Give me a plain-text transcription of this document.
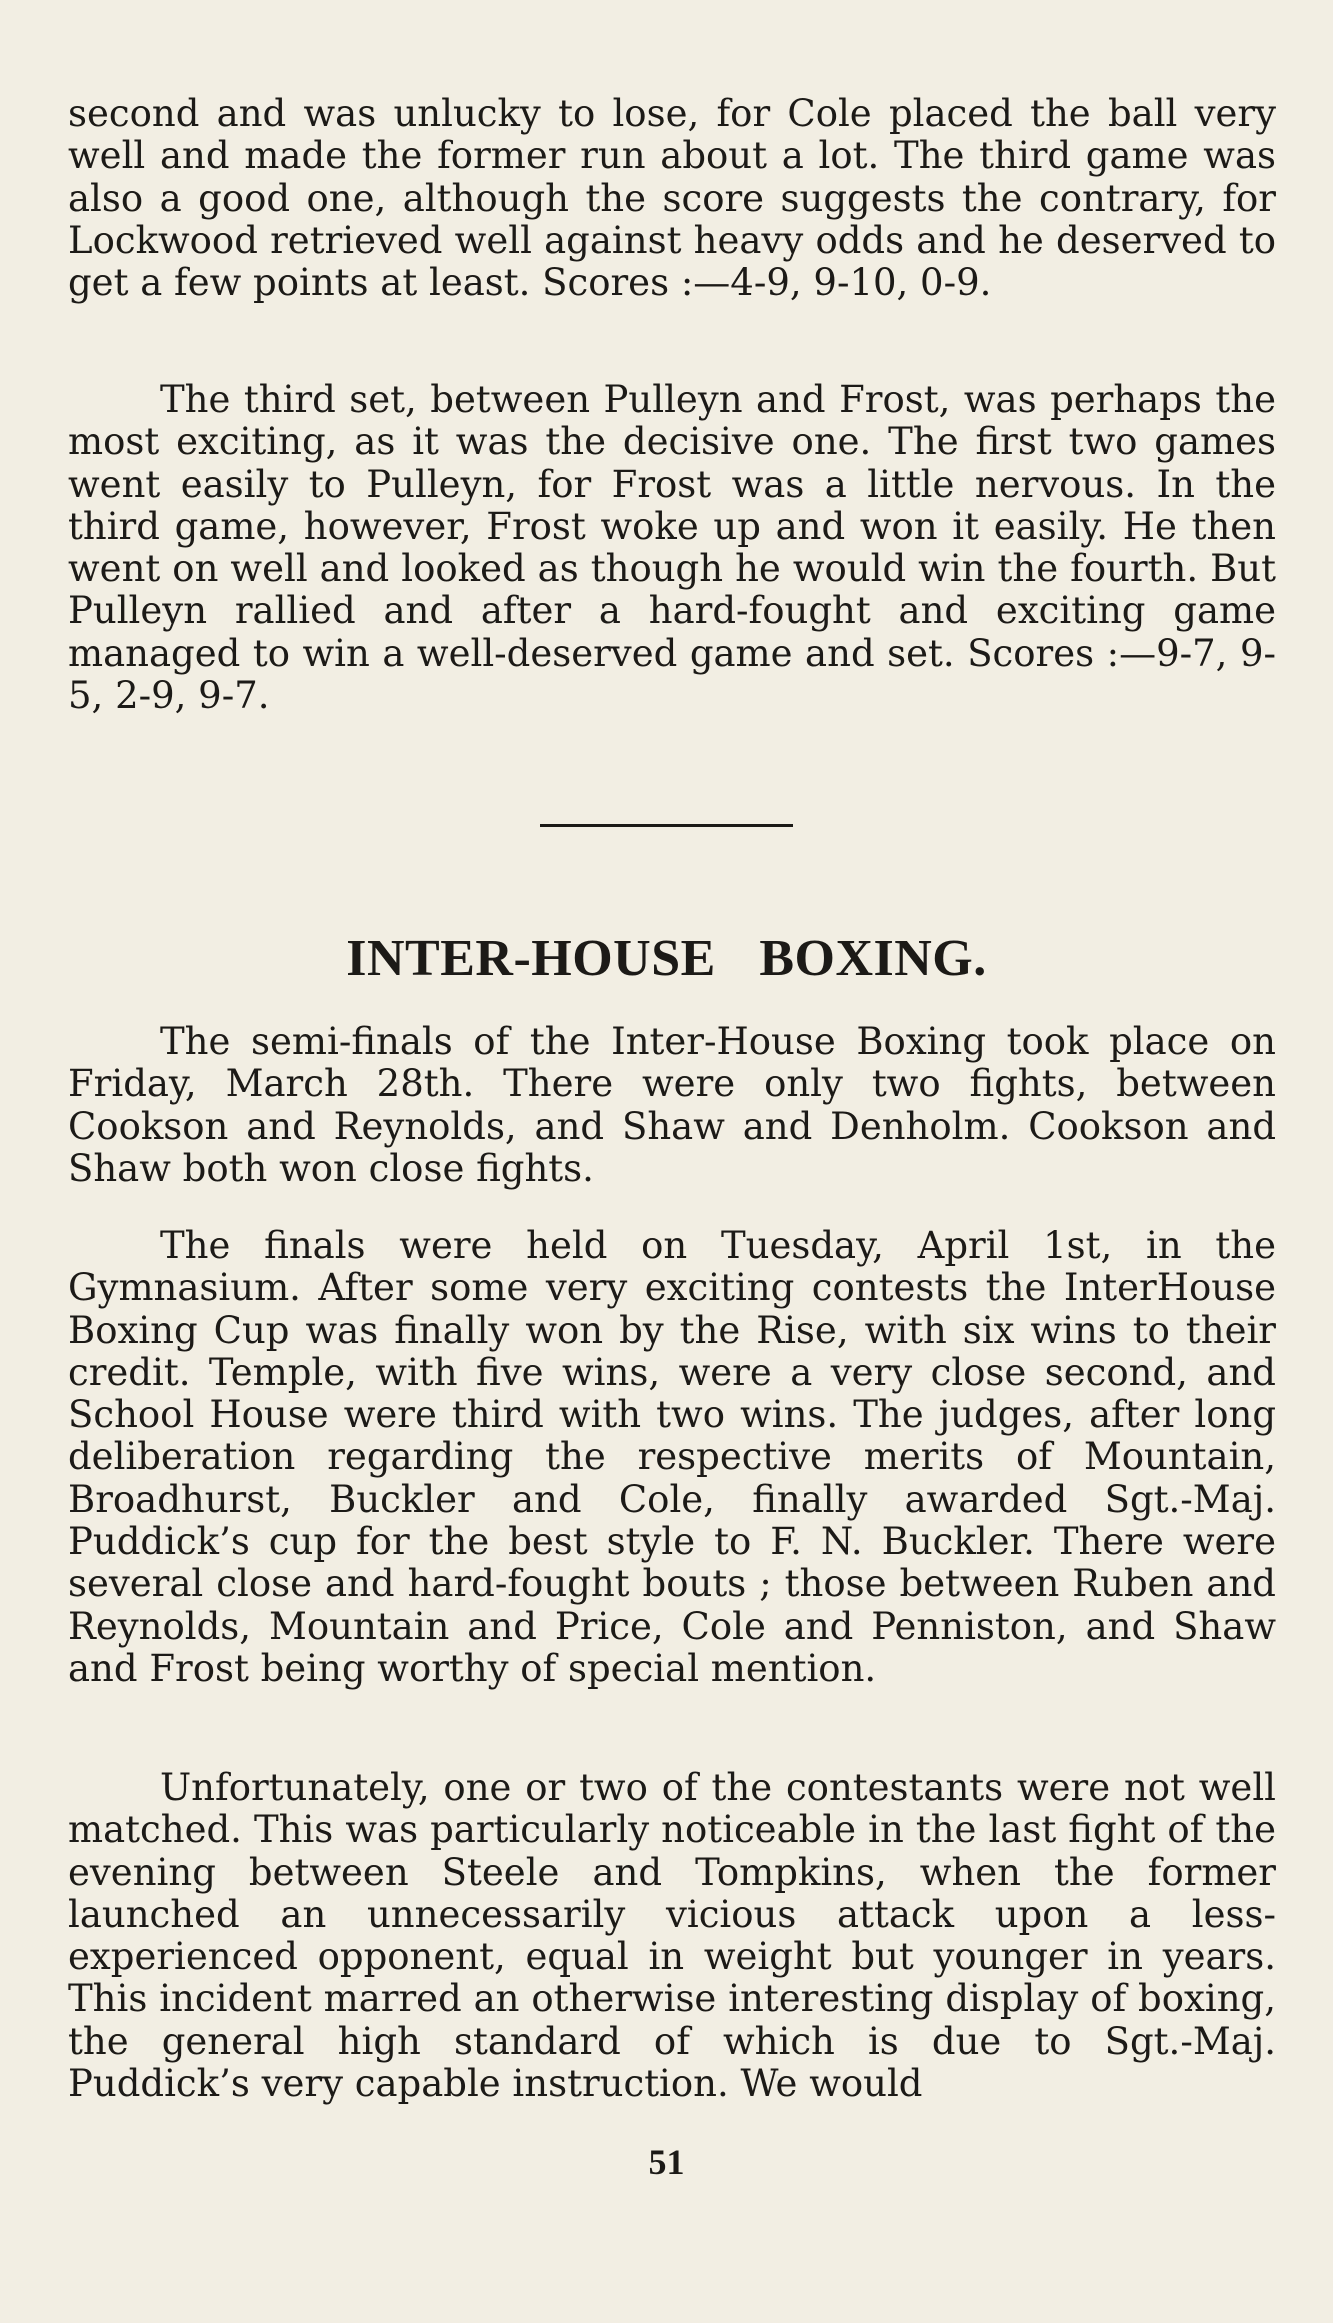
second and was unlucky to lose, for Cole placed the ball very well and made the former run about a lot. The third game was also a good one, although the score suggests the contrary, for Lockwood retrieved well against heavy odds and he deserved to get a few points at least. Scores :—4-9, 9-10, 0-9.

The third set, between Pulleyn and Frost, was perhaps the most exciting, as it was the decisive one. The first two games went easily to Pulleyn, for Frost was a little nervous. In the third game, however, Frost woke up and won it easily. He then went on well and looked as though he would win the fourth. But Pulleyn rallied and after a hard-fought and exciting game managed to win a well-deserved game and set. Scores :—9-7, 9-5, 2-9, 9-7.

INTER-HOUSE BOXING.

The semi-finals of the Inter-House Boxing took place on Friday, March 28th. There were only two fights, between Cookson and Reynolds, and Shaw and Denholm. Cookson and Shaw both won close fights.

The finals were held on Tuesday, April 1st, in the Gymnasium. After some very exciting contests the InterHouse Boxing Cup was finally won by the Rise, with six wins to their credit. Temple, with five wins, were a very close second, and School House were third with two wins. The judges, after long deliberation regarding the respective merits of Mountain, Broadhurst, Buckler and Cole, finally awarded Sgt.-Maj. Puddick’s cup for the best style to F. N. Buckler. There were several close and hard-fought bouts ; those between Ruben and Reynolds, Mountain and Price, Cole and Penniston, and Shaw and Frost being worthy of special mention.

Unfortunately, one or two of the contestants were not well matched. This was particularly noticeable in the last fight of the evening between Steele and Tompkins, when the former launched an unnecessarily vicious attack upon a less-experienced opponent, equal in weight but younger in years. This incident marred an otherwise interesting display of boxing, the general high standard of which is due to Sgt.-Maj. Puddick’s very capable instruction. We would

51
